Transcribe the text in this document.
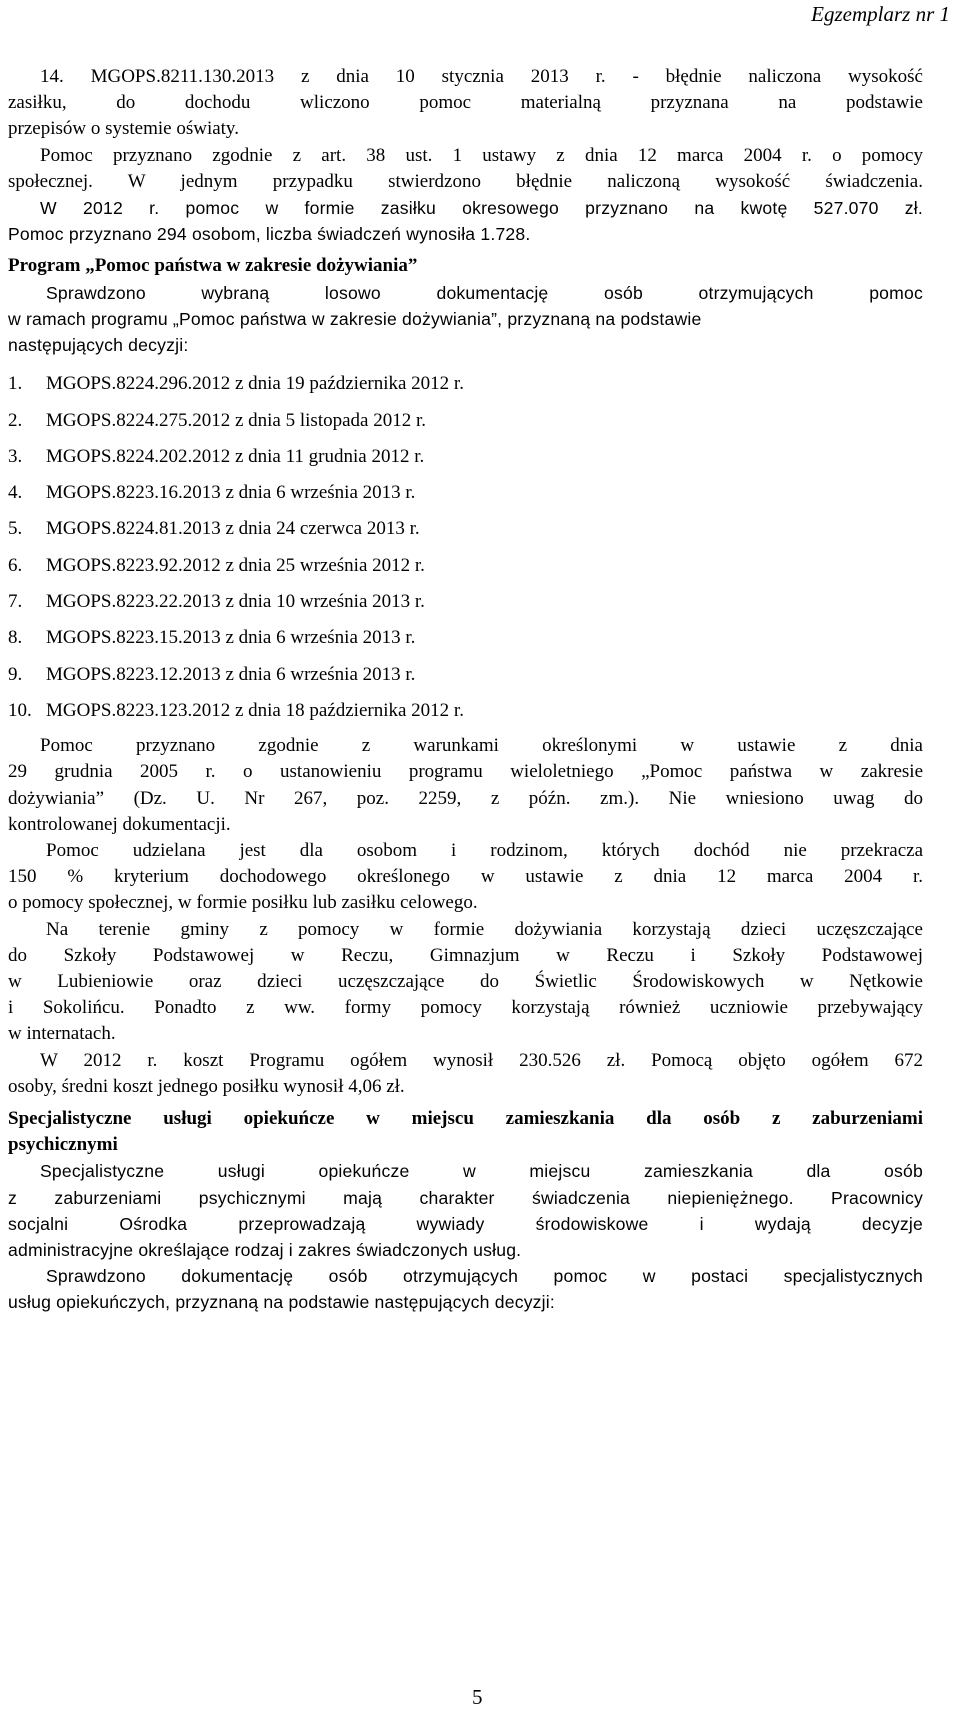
Egzemplarz nr 1
14. MGOPS.8211.130.2013 z dnia 10 stycznia 2013 r. - błędnie naliczona wysokość
zasiłku, do dochodu wliczono pomoc materialną przyznana na podstawie
przepisów o systemie oświaty.
Pomoc przyznano zgodnie z art. 38 ust. 1 ustawy z dnia 12 marca 2004 r. o pomocy
społecznej. W jednym przypadku stwierdzono błędnie naliczoną wysokość świadczenia.
W 2012 r. pomoc w formie zasiłku okresowego przyznano na kwotę 527.070 zł.
Pomoc przyznano 294 osobom, liczba świadczeń wynosiła 1.728.
Program „Pomoc państwa w zakresie dożywiania”
Sprawdzono wybraną losowo dokumentację osób otrzymujących pomoc
w ramach programu „Pomoc państwa w zakresie dożywiania”, przyznaną na podstawie
następujących decyzji:
1. MGOPS.8224.296.2012 z dnia 19 października 2012 r.
2. MGOPS.8224.275.2012 z dnia 5 listopada 2012 r.
3. MGOPS.8224.202.2012 z dnia 11 grudnia 2012 r.
4. MGOPS.8223.16.2013 z dnia 6 września 2013 r.
5. MGOPS.8224.81.2013 z dnia 24 czerwca 2013 r.
6. MGOPS.8223.92.2012 z dnia 25 września 2012 r.
7. MGOPS.8223.22.2013 z dnia 10 września 2013 r.
8. MGOPS.8223.15.2013 z dnia 6 września 2013 r.
9. MGOPS.8223.12.2013 z dnia 6 września 2013 r.
10. MGOPS.8223.123.2012 z dnia 18 października 2012 r.
Pomoc przyznano zgodnie z warunkami określonymi w ustawie z dnia
29 grudnia 2005 r. o ustanowieniu programu wieloletniego „Pomoc państwa w zakresie
dożywiania” (Dz. U. Nr 267, poz. 2259, z późn. zm.). Nie wniesiono uwag do
kontrolowanej dokumentacji.
Pomoc udzielana jest dla osobom i rodzinom, których dochód nie przekracza
150 % kryterium dochodowego określonego w ustawie z dnia 12 marca 2004 r.
o pomocy społecznej, w formie posiłku lub zasiłku celowego.
Na terenie gminy z pomocy w formie dożywiania korzystają dzieci uczęszczające
do Szkoły Podstawowej w Reczu, Gimnazjum w Reczu i Szkoły Podstawowej
w Lubieniowie oraz dzieci uczęszczające do Świetlic Środowiskowych w Nętkowie
i Sokolińcu. Ponadto z ww. formy pomocy korzystają również uczniowie przebywający
w internatach.
W 2012 r. koszt Programu ogółem wynosił 230.526 zł. Pomocą objęto ogółem 672
osoby, średni koszt jednego posiłku wynosił 4,06 zł.
Specjalistyczne usługi opiekuńcze w miejscu zamieszkania dla osób z zaburzeniami
psychicznymi
Specjalistyczne usługi opiekuńcze w miejscu zamieszkania dla osób
z zaburzeniami psychicznymi mają charakter świadczenia niepieniężnego. Pracownicy
socjalni Ośrodka przeprowadzają wywiady środowiskowe i wydają decyzje
administracyjne określające rodzaj i zakres świadczonych usług.
Sprawdzono dokumentację osób otrzymujących pomoc w postaci specjalistycznych
usług opiekuńczych, przyznaną na podstawie następujących decyzji:
5
